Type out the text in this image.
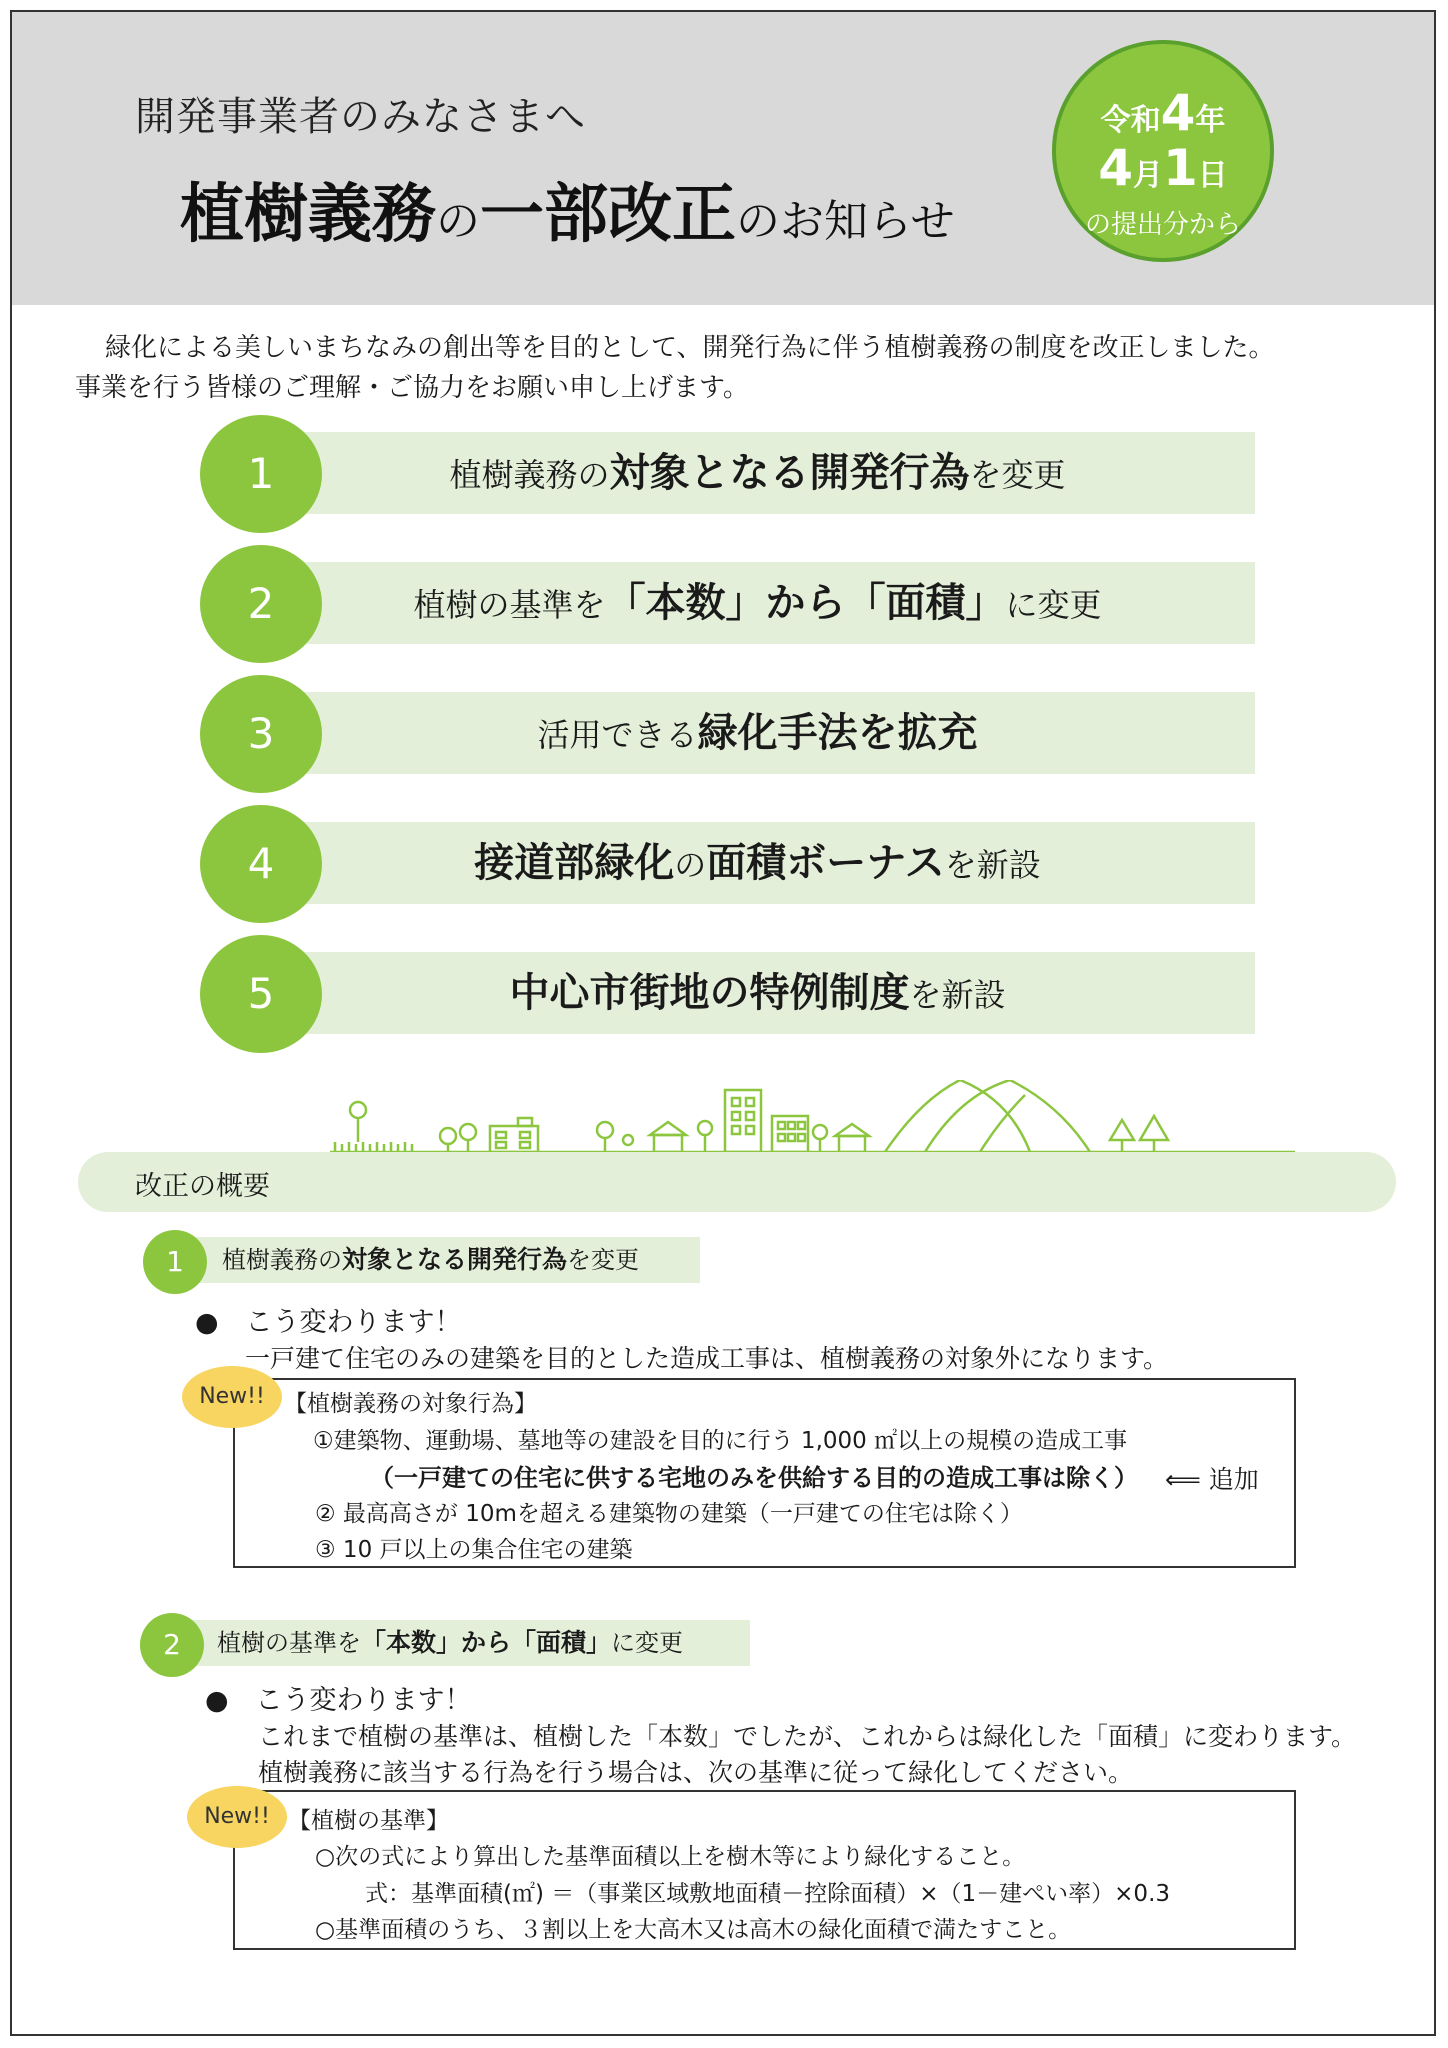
開発事業者のみなさまへ
植樹義務の一部改正のお知らせ
令和4年
4月1日
の提出分から
緑化による美しいまちなみの創出等を目的として、開発行為に伴う植樹義務の制度を改正しました。
事業を行う皆様のご理解・ご協力をお願い申し上げます。
1	植樹義務の対象となる開発行為を変更
2	植樹の基準を「本数」から「面積」に変更
3	活用できる緑化手法を拡充
4	接道部緑化の面積ボーナスを新設
5	中心市街地の特例制度を新設
改正の概要
1	植樹義務の対象となる開発行為を変更
●　こう変わります！
一戸建て住宅のみの建築を目的とした造成工事は、植樹義務の対象外になります。
New!! 【植樹義務の対象行為】
①建築物、運動場、墓地等の建設を目的に行う 1,000 ㎡以上の規模の造成工事
（一戸建ての住宅に供する宅地のみを供給する目的の造成工事は除く） ⟸ 追加
② 最高高さが 10mを超える建築物の建築（一戸建ての住宅は除く）
③ 10 戸以上の集合住宅の建築
2	植樹の基準を「本数」から「面積」に変更
●　こう変わります！
これまで植樹の基準は、植樹した「本数」でしたが、これからは緑化した「面積」に変わります。
植樹義務に該当する行為を行う場合は、次の基準に従って緑化してください。
New!! 【植樹の基準】
○次の式により算出した基準面積以上を樹木等により緑化すること。
式：基準面積(㎡) ＝（事業区域敷地面積－控除面積）×（1－建ぺい率）×0.3
○基準面積のうち、３割以上を大高木又は高木の緑化面積で満たすこと。
